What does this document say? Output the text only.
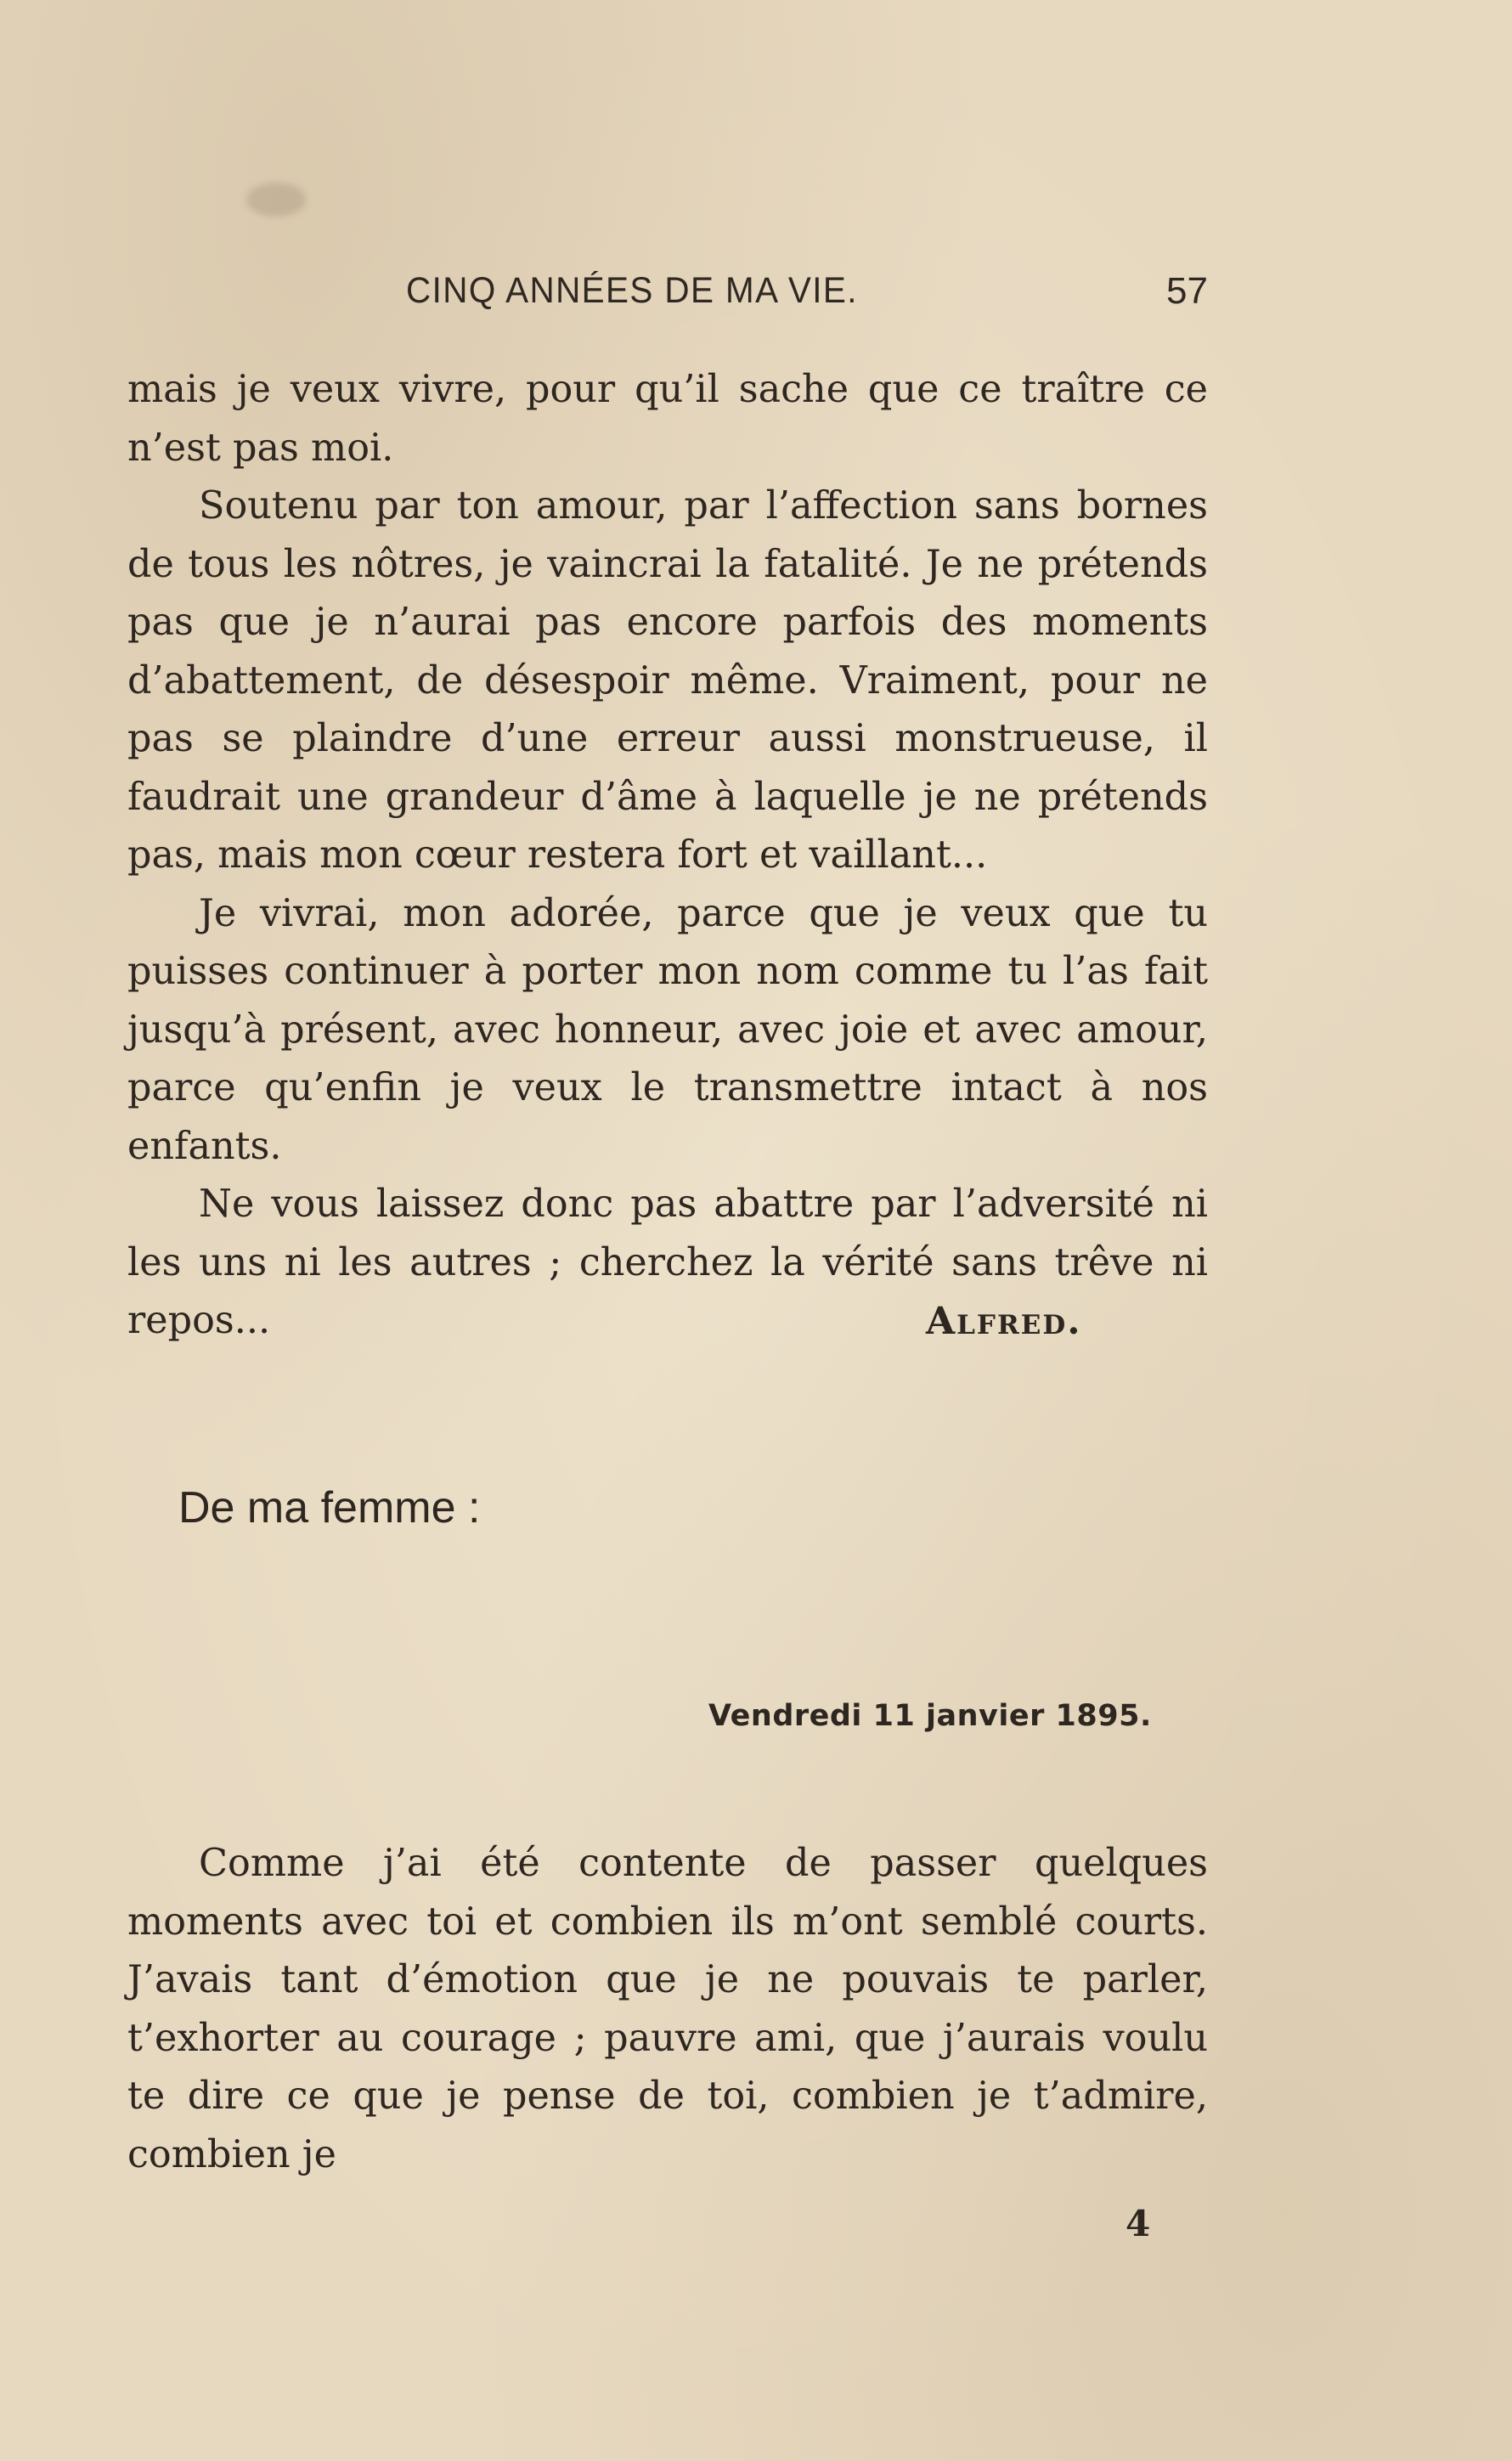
CINQ ANNÉES DE MA VIE.	57

mais je veux vivre, pour qu’il sache que ce traître ce n’est pas moi.

Soutenu par ton amour, par l’affection sans bornes de tous les nôtres, je vaincrai la fatalité. Je ne prétends pas que je n’aurai pas encore parfois des moments d’abattement, de désespoir même. Vraiment, pour ne pas se plaindre d’une erreur aussi monstrueuse, il faudrait une grandeur d’âme à laquelle je ne prétends pas, mais mon cœur restera fort et vaillant...

Je vivrai, mon adorée, parce que je veux que tu puisses continuer à porter mon nom comme tu l’as fait jusqu’à présent, avec honneur, avec joie et avec amour, parce qu’enfin je veux le transmettre intact à nos enfants.

Ne vous laissez donc pas abattre par l’adversité ni les uns ni les autres ; cherchez la vérité sans trêve ni repos...	Alfred.
De ma femme :
Vendredi 11 janvier 1895.

Comme j’ai été contente de passer quelques moments avec toi et combien ils m’ont semblé courts. J’avais tant d’émotion que je ne pouvais te parler, t’exhorter au courage ; pauvre ami, que j’aurais voulu te dire ce que je pense de toi, combien je t’admire, combien je

4
